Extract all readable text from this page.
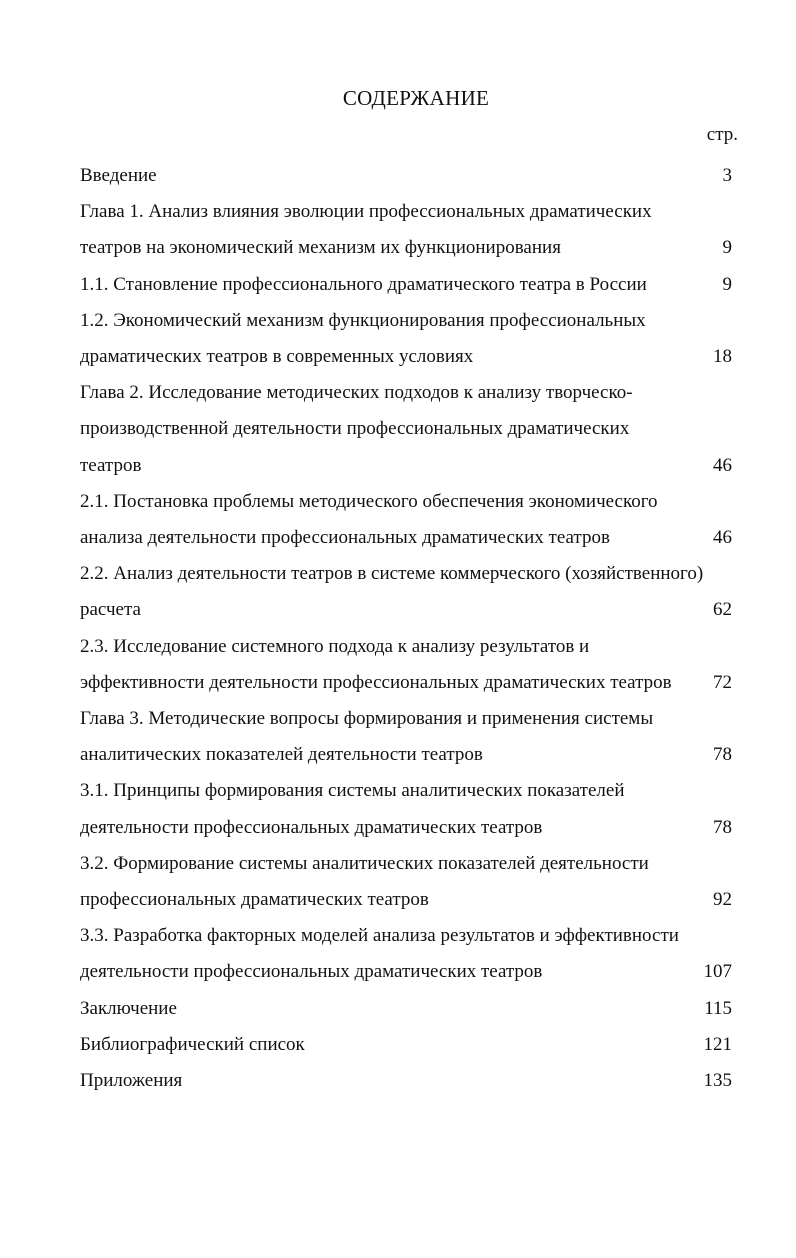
СОДЕРЖАНИЕ
стр.
Введение	3
Глава 1. Анализ влияния эволюции профессиональных драматических
театров на экономический механизм их функционирования	9
1.1. Становление профессионального драматического театра в России	9
1.2. Экономический механизм функционирования профессиональных
драматических театров в современных условиях	18
Глава 2. Исследование методических подходов к анализу творческо-
производственной деятельности профессиональных драматических
театров	46
2.1. Постановка проблемы методического обеспечения экономического
анализа деятельности профессиональных драматических театров	46
2.2. Анализ деятельности театров в системе коммерческого (хозяйственного)
расчета	62
2.3. Исследование системного подхода к анализу результатов и
эффективности деятельности профессиональных драматических театров	72
Глава 3. Методические вопросы формирования и применения системы
аналитических показателей деятельности театров	78
3.1. Принципы формирования системы аналитических показателей
деятельности профессиональных драматических театров	78
3.2. Формирование системы аналитических показателей деятельности
профессиональных драматических театров	92
3.3. Разработка факторных моделей анализа результатов и эффективности
деятельности профессиональных драматических театров	107
Заключение	115
Библиографический список	121
Приложения	135
